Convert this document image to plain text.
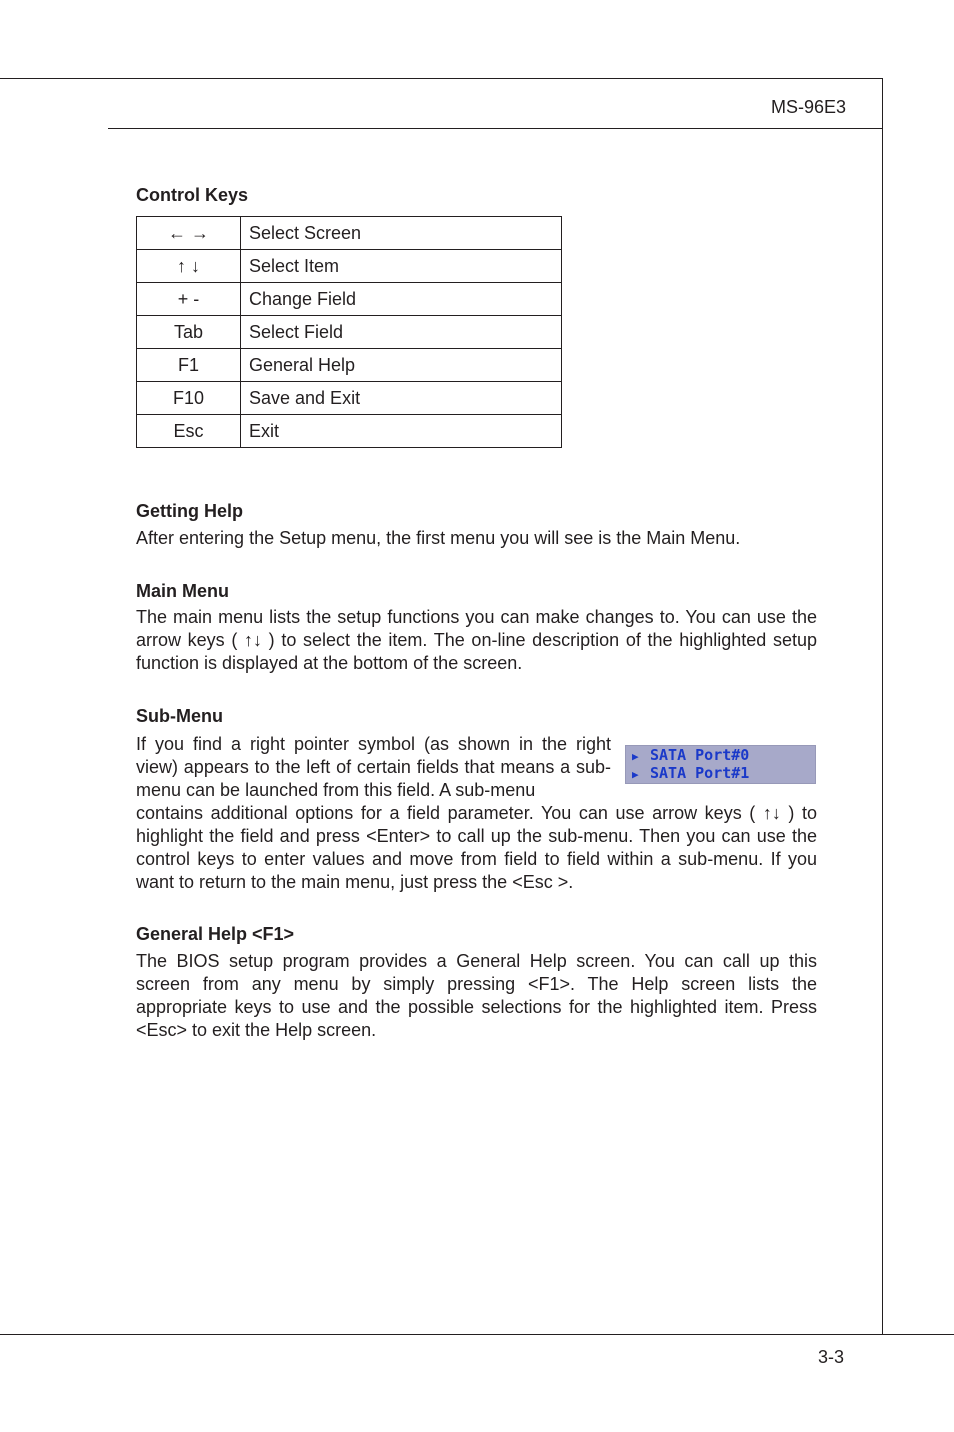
MS-96E3
3-3
Control Keys
← →	Select Screen
↑ ↓	Select Item
+ -	Change Field
Tab	Select Field
F1	General Help
F10	Save and Exit
Esc	Exit
Getting Help

After entering the Setup menu, the first menu you will see is the Main Menu.

Main Menu

The main menu lists the setup functions you can make changes to. You can use the arrow keys ( ↑↓ ) to select the item. The on-line description of the highlighted setup function is displayed at the bottom of the screen.

Sub-Menu

If you find a right pointer symbol (as shown in the right view) appears to the left of certain fields that means a sub-menu can be launched from this field. A sub-menu

contains additional options for a field parameter. You can use arrow keys ( ↑↓ ) to highlight the field and press <Enter> to call up the sub-menu. Then you can use the control keys to enter values and move from field to field within a sub-menu. If you want to return to the main menu, just press the <Esc >.

▶ SATA Port#0
▶ SATA Port#1
General Help <F1>

The BIOS setup program provides a General Help screen. You can call up this screen from any menu by simply pressing <F1>. The Help screen lists the appropriate keys to use and the possible selections for the highlighted item. Press <Esc> to exit the Help screen.
